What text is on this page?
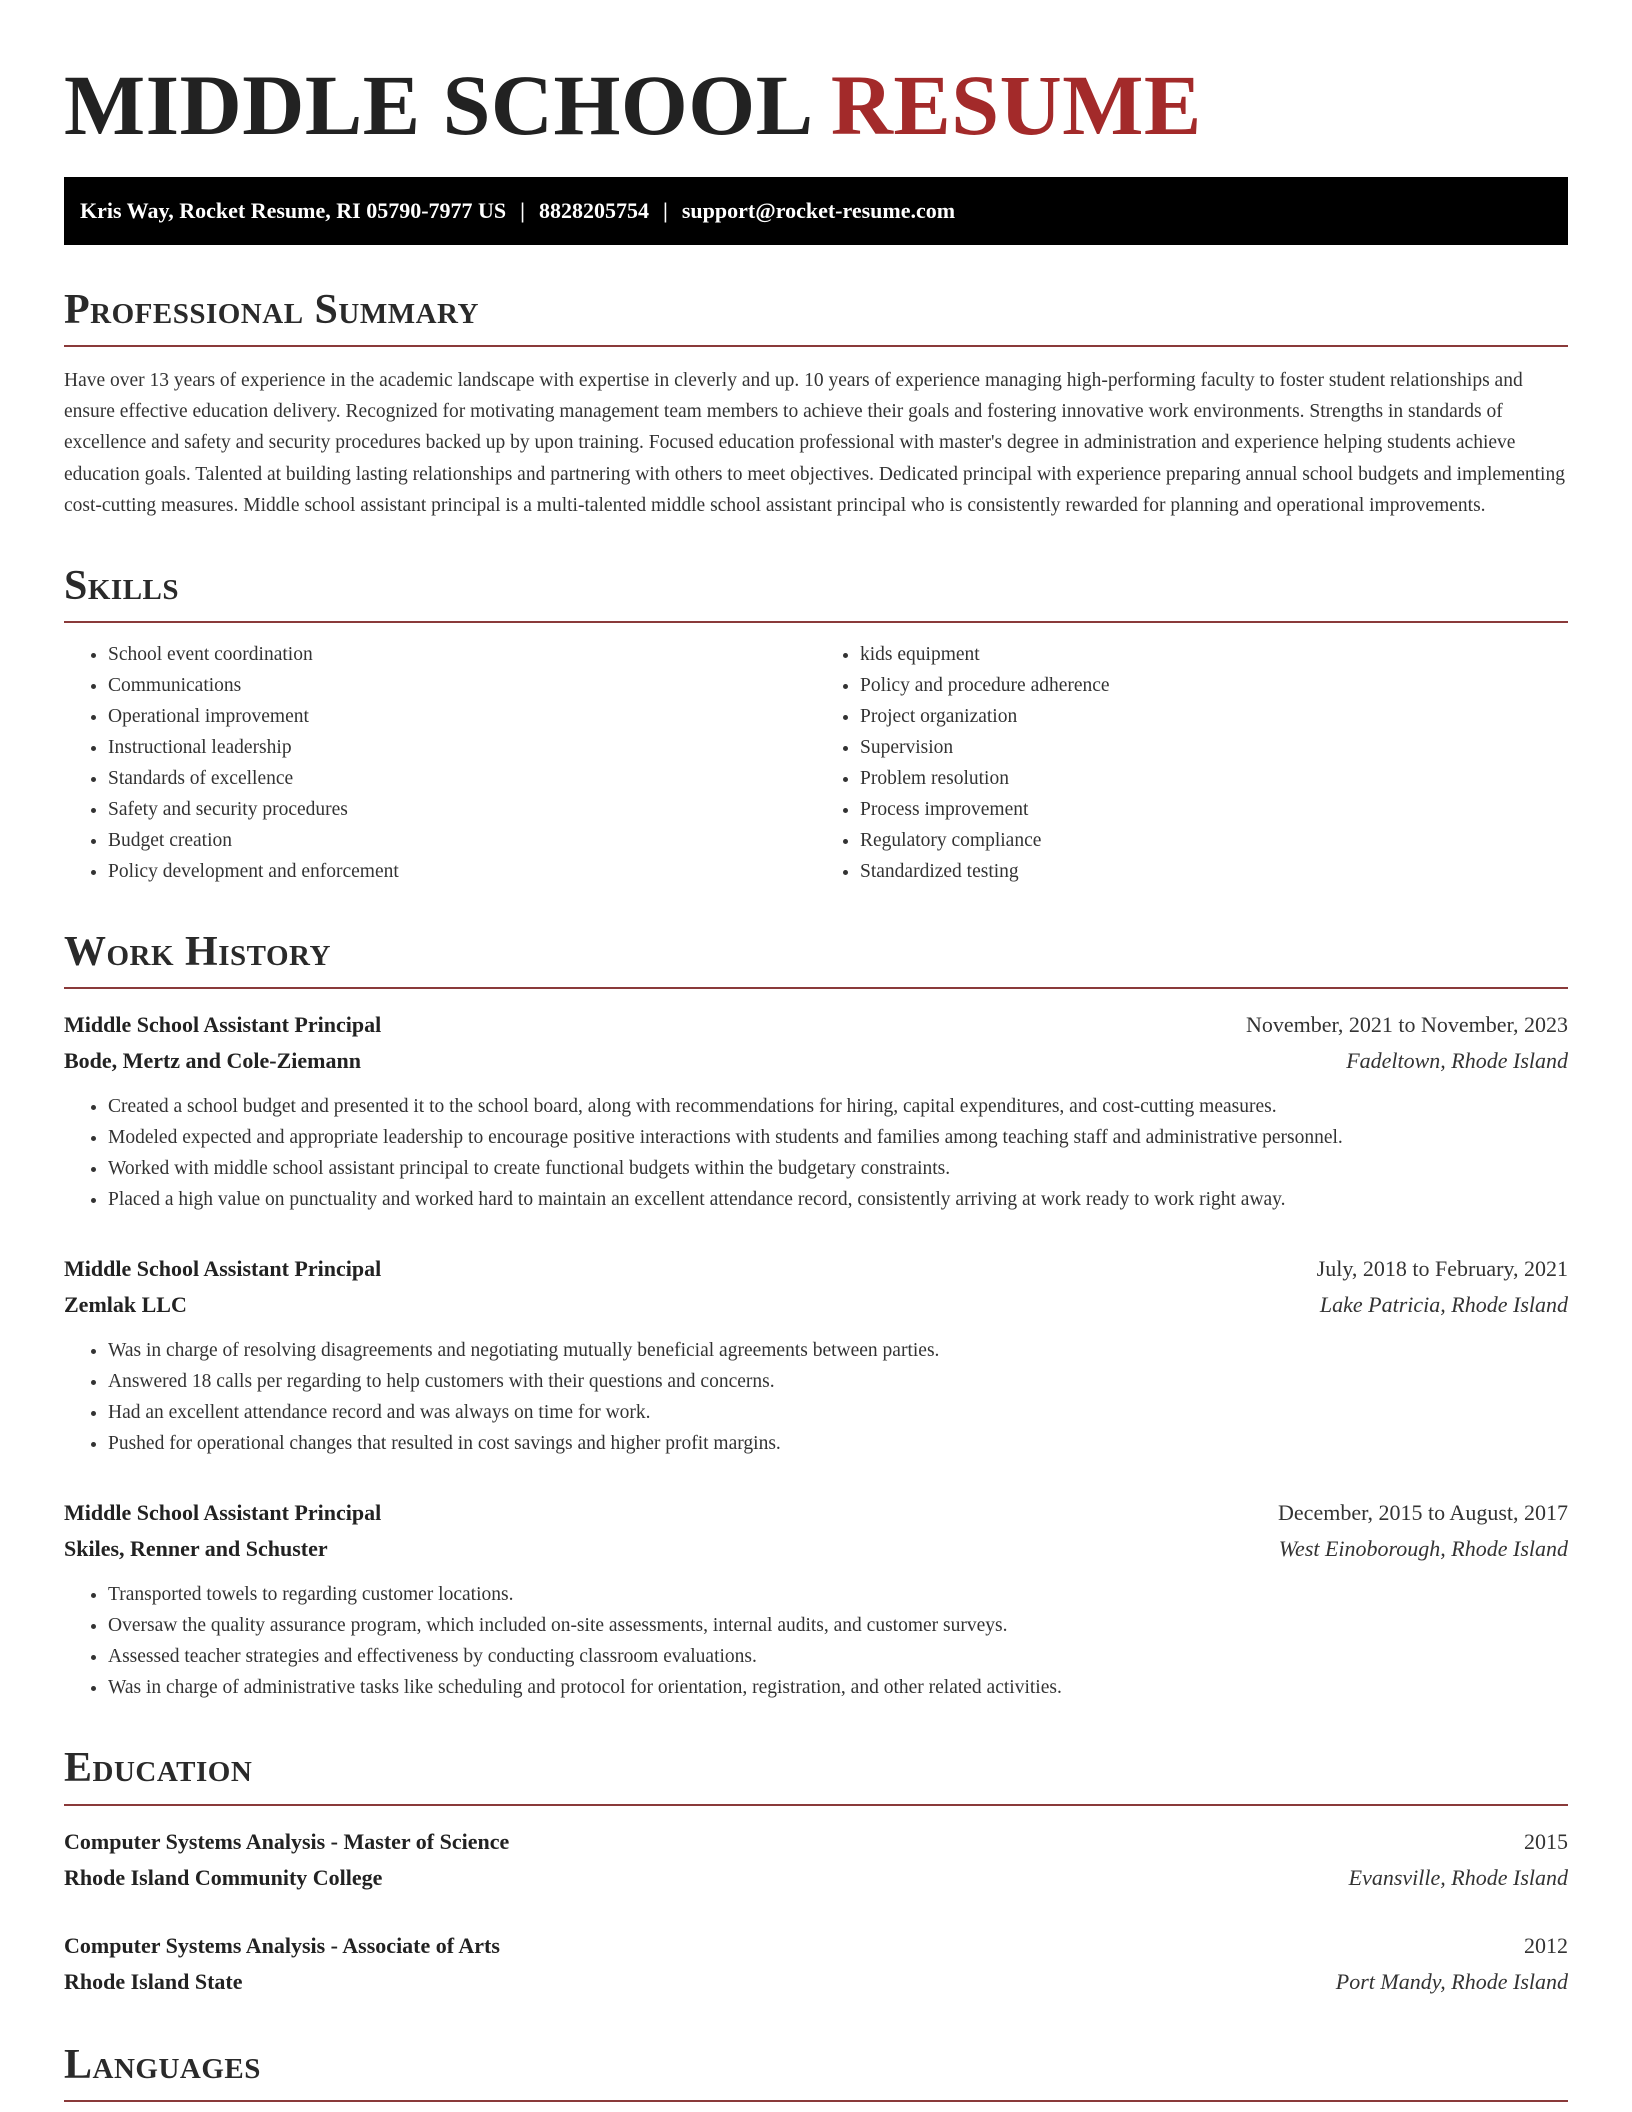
MIDDLE SCHOOL RESUME
Kris Way, Rocket Resume, RI 05790-7977 US | 8828205754 | support@rocket-resume.com
Professional Summary

Have over 13 years of experience in the academic landscape with expertise in cleverly and up. 10 years of experience managing high-performing faculty to foster student relationships and ensure effective education delivery. Recognized for motivating management team members to achieve their goals and fostering innovative work environments. Strengths in standards of excellence and safety and security procedures backed up by upon training. Focused education professional with master's degree in administration and experience helping students achieve education goals. Talented at building lasting relationships and partnering with others to meet objectives. Dedicated principal with experience preparing annual school budgets and implementing cost-cutting measures. Middle school assistant principal is a multi-talented middle school assistant principal who is consistently rewarded for planning and operational improvements.

Skills
• School event coordination
• Communications
• Operational improvement
• Instructional leadership
• Standards of excellence
• Safety and security procedures
• Budget creation
• Policy development and enforcement
• kids equipment
• Policy and procedure adherence
• Project organization
• Supervision
• Problem resolution
• Process improvement
• Regulatory compliance
• Standardized testing
Work History
Middle School Assistant Principal	November, 2021 to November, 2023
Bode, Mertz and Cole-Ziemann	Fadeltown, Rhode Island
• Created a school budget and presented it to the school board, along with recommendations for hiring, capital expenditures, and cost-cutting measures.
• Modeled expected and appropriate leadership to encourage positive interactions with students and families among teaching staff and administrative personnel.
• Worked with middle school assistant principal to create functional budgets within the budgetary constraints.
• Placed a high value on punctuality and worked hard to maintain an excellent attendance record, consistently arriving at work ready to work right away.
Middle School Assistant Principal	July, 2018 to February, 2021
Zemlak LLC	Lake Patricia, Rhode Island
• Was in charge of resolving disagreements and negotiating mutually beneficial agreements between parties.
• Answered 18 calls per regarding to help customers with their questions and concerns.
• Had an excellent attendance record and was always on time for work.
• Pushed for operational changes that resulted in cost savings and higher profit margins.
Middle School Assistant Principal	December, 2015 to August, 2017
Skiles, Renner and Schuster	West Einoborough, Rhode Island
• Transported towels to regarding customer locations.
• Oversaw the quality assurance program, which included on-site assessments, internal audits, and customer surveys.
• Assessed teacher strategies and effectiveness by conducting classroom evaluations.
• Was in charge of administrative tasks like scheduling and protocol for orientation, registration, and other related activities.
Education
Computer Systems Analysis - Master of Science	2015
Rhode Island Community College	Evansville, Rhode Island
Computer Systems Analysis - Associate of Arts	2012
Rhode Island State	Port Mandy, Rhode Island
Languages
